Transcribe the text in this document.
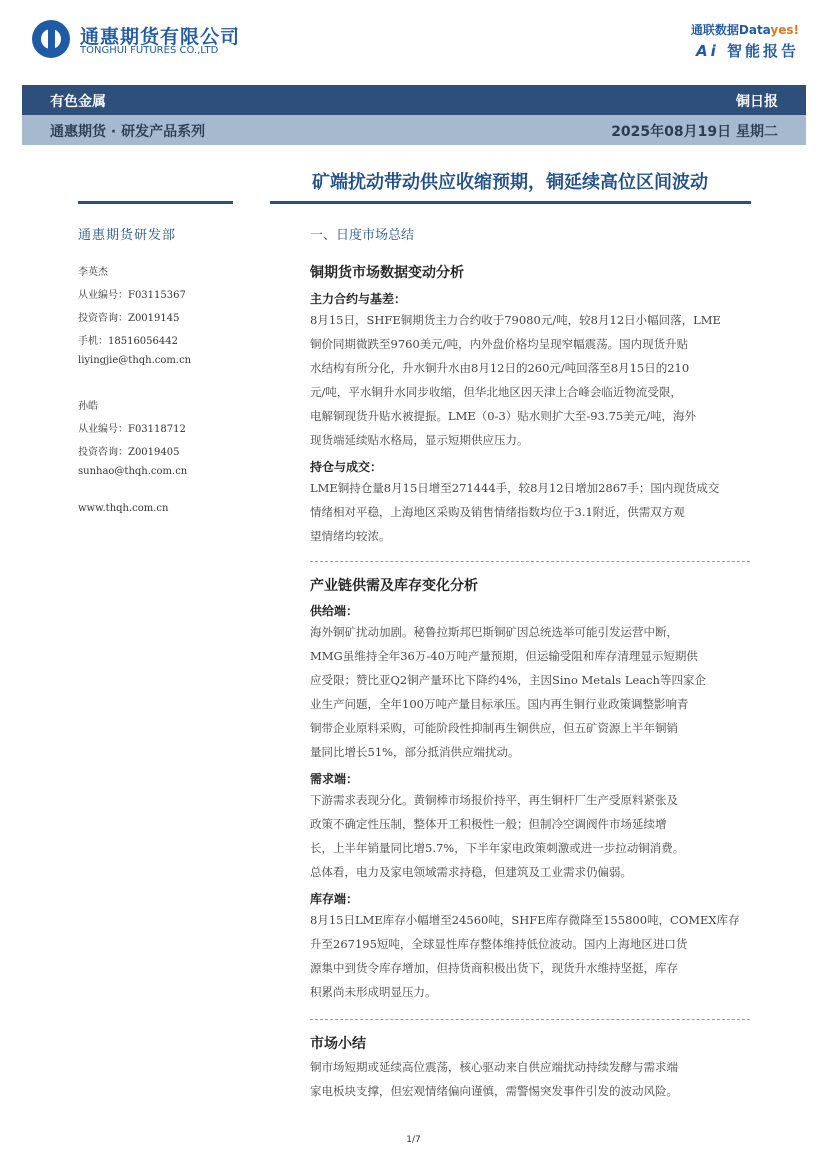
通惠期货有限公司
TONGHUI FUTURES CO.,LTD
通联数据Datayes!
Ai 智能报告
有色金属	铜日报
通惠期货 · 研发产品系列	2025年08月19日 星期二
矿端扰动带动供应收缩预期，铜延续高位区间波动
通惠期货研发部
李英杰
从业编号：F03115367
投资咨询：Z0019145
手机：18516056442
liyingjie@thqh.com.cn
孙皓
从业编号：F03118712
投资咨询：Z0019405
sunhao@thqh.com.cn
www.thqh.com.cn
一、日度市场总结
铜期货市场数据变动分析
主力合约与基差：
8月15日，SHFE铜期货主力合约收于79080元/吨，较8月12日小幅回落，LME
铜价同期微跌至9760美元/吨，内外盘价格均呈现窄幅震荡。国内现货升贴
水结构有所分化，升水铜升水由8月12日的260元/吨回落至8月15日的210
元/吨，平水铜升水同步收缩，但华北地区因天津上合峰会临近物流受限，
电解铜现货升贴水被提振。LME（0-3）贴水则扩大至-93.75美元/吨，海外
现货端延续贴水格局，显示短期供应压力。
持仓与成交：
LME铜持仓量8月15日增至271444手，较8月12日增加2867手；国内现货成交
情绪相对平稳，上海地区采购及销售情绪指数均位于3.1附近，供需双方观
望情绪均较浓。
产业链供需及库存变化分析
供给端：
海外铜矿扰动加剧。秘鲁拉斯邦巴斯铜矿因总统选举可能引发运营中断，
MMG虽维持全年36万-40万吨产量预期，但运输受阻和库存清理显示短期供
应受限；赞比亚Q2铜产量环比下降约4%，主因Sino Metals Leach等四家企
业生产问题，全年100万吨产量目标承压。国内再生铜行业政策调整影响青
铜带企业原料采购，可能阶段性抑制再生铜供应，但五矿资源上半年铜销
量同比增长51%，部分抵消供应端扰动。
需求端：
下游需求表现分化。黄铜棒市场报价持平，再生铜杆厂生产受原料紧张及
政策不确定性压制，整体开工积极性一般；但制冷空调阀件市场延续增
长，上半年销量同比增5.7%，下半年家电政策刺激或进一步拉动铜消费。
总体看，电力及家电领域需求持稳，但建筑及工业需求仍偏弱。
库存端：
8月15日LME库存小幅增至24560吨，SHFE库存微降至155800吨，COMEX库存
升至267195短吨，全球显性库存整体维持低位波动。国内上海地区进口货
源集中到货令库存增加，但持货商积极出货下，现货升水维持坚挺，库存
积累尚未形成明显压力。
市场小结
铜市场短期或延续高位震荡，核心驱动来自供应端扰动持续发酵与需求端
家电板块支撑，但宏观情绪偏向谨慎，需警惕突发事件引发的波动风险。
1/7
